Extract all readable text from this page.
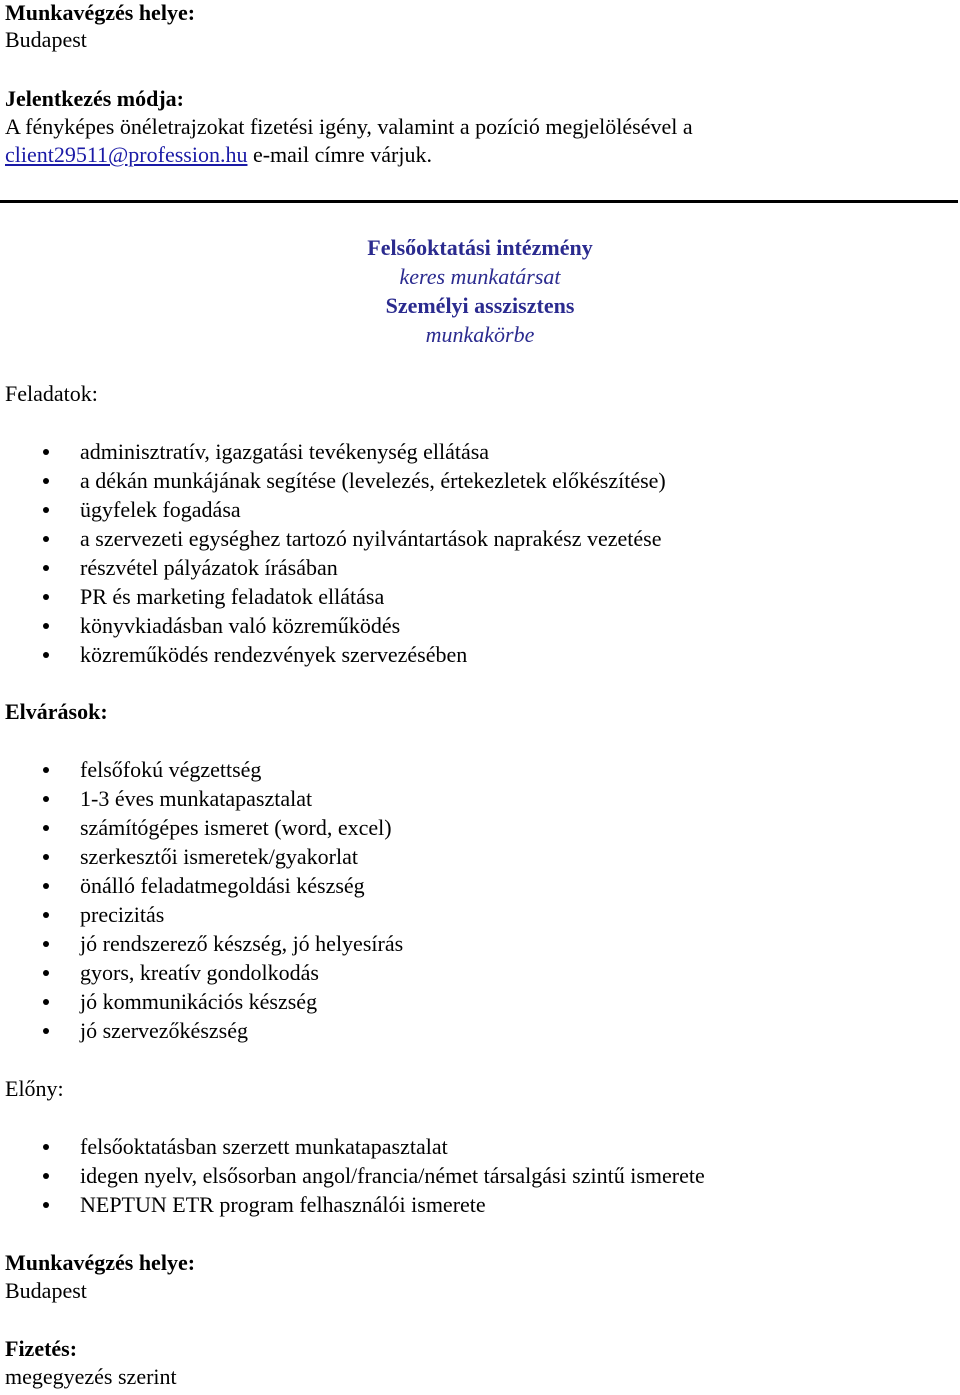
Munkavégzés helye:
Budapest
Jelentkezés módja:
A fényképes önéletrajzokat fizetési igény, valamint a pozíció megjelölésével a
client29511@profession.hu e-mail címre várjuk.
Felsőoktatási intézmény
keres munkatársat
Személyi asszisztens
munkakörbe
Feladatok:
adminisztratív, igazgatási tevékenység ellátása
a dékán munkájának segítése (levelezés, értekezletek előkészítése)
ügyfelek fogadása
a szervezeti egységhez tartozó nyilvántartások naprakész vezetése
részvétel pályázatok írásában
PR és marketing feladatok ellátása
könyvkiadásban való közreműködés
közreműködés rendezvények szervezésében
Elvárások:
felsőfokú végzettség
1-3 éves munkatapasztalat
számítógépes ismeret (word, excel)
szerkesztői ismeretek/gyakorlat
önálló feladatmegoldási készség
precizitás
jó rendszerező készség, jó helyesírás
gyors, kreatív gondolkodás
jó kommunikációs készség
jó szervezőkészség
Előny:
felsőoktatásban szerzett munkatapasztalat
idegen nyelv, elsősorban angol/francia/német társalgási szintű ismerete
NEPTUN ETR program felhasználói ismerete
Munkavégzés helye:
Budapest
Fizetés:
megegyezés szerint
